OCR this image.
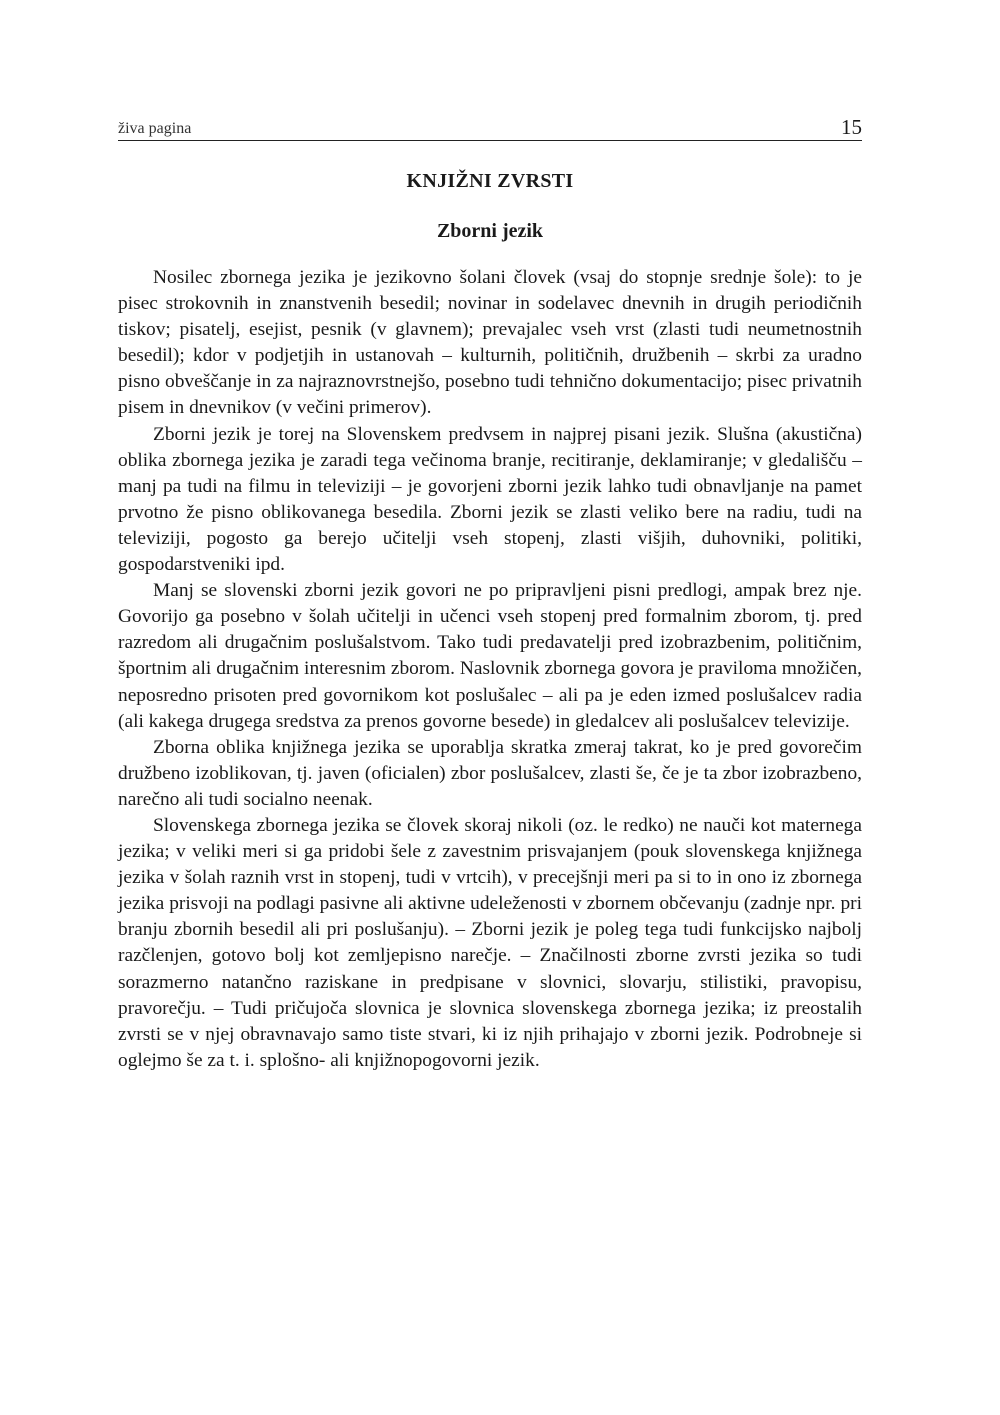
živa pagina	15
KNJIŽNI ZVRSTI
Zborni jezik

Nosilec zbornega jezika je jezikovno šolani človek (vsaj do stopnje srednje šole): to je pisec strokovnih in znanstvenih besedil; novinar in sodelavec dnevnih in drugih periodičnih tiskov; pisatelj, esejist, pesnik (v glavnem); prevajalec vseh vrst (zlasti tudi neumetnostnih besedil); kdor v podjetjih in ustanovah – kulturnih, političnih, družbenih – skrbi za uradno pisno obveščanje in za najraznovrstnejšo, posebno tudi tehnično dokumentacijo; pisec privatnih pisem in dnevnikov (v večini primerov).

Zborni jezik je torej na Slovenskem predvsem in najprej pisani jezik. Slušna (akustična) oblika zbornega jezika je zaradi tega večinoma branje, recitiranje, deklamiranje; v gledališču – manj pa tudi na filmu in televiziji – je govorjeni zborni jezik lahko tudi obnavljanje na pamet prvotno že pisno oblikovanega besedila. Zborni jezik se zlasti veliko bere na radiu, tudi na televiziji, pogosto ga berejo učitelji vseh stopenj, zlasti višjih, duhovniki, politiki, gospodarstveniki ipd.

Manj se slovenski zborni jezik govori ne po pripravljeni pisni predlogi, ampak brez nje. Govorijo ga posebno v šolah učitelji in učenci vseh stopenj pred formalnim zborom, tj. pred razredom ali drugačnim poslušalstvom. Tako tudi predavatelji pred izobrazbenim, političnim, športnim ali drugačnim interesnim zborom. Naslovnik zbornega govora je praviloma množičen, neposredno prisoten pred govornikom kot poslušalec – ali pa je eden izmed poslušalcev radia (ali kakega drugega sredstva za prenos govorne besede) in gledalcev ali poslušalcev televizije.

Zborna oblika knjižnega jezika se uporablja skratka zmeraj takrat, ko je pred govorečim družbeno izoblikovan, tj. javen (oficialen) zbor poslušalcev, zlasti še, če je ta zbor izobrazbeno, narečno ali tudi socialno neenak.

Slovenskega zbornega jezika se človek skoraj nikoli (oz. le redko) ne nauči kot maternega jezika; v veliki meri si ga pridobi šele z zavestnim prisvajanjem (pouk slovenskega knjižnega jezika v šolah raznih vrst in stopenj, tudi v vrtcih), v precejšnji meri pa si to in ono iz zbornega jezika prisvoji na podlagi pasivne ali aktivne udeleženosti v zbornem občevanju (zadnje npr. pri branju zbornih besedil ali pri poslušanju). – Zborni jezik je poleg tega tudi funkcijsko najbolj razčlenjen, gotovo bolj kot zemljepisno narečje. – Značilnosti zborne zvrsti jezika so tudi sorazmerno natančno raziskane in predpisane v slovnici, slovarju, stilistiki, pravopisu, pravorečju. – Tudi pričujoča slovnica je slovnica slovenskega zbornega jezika; iz preostalih zvrsti se v njej obravnavajo samo tiste stvari, ki iz njih prihajajo v zborni jezik. Podrobneje si oglejmo še za t. i. splošno- ali knjižnopogovorni jezik.
